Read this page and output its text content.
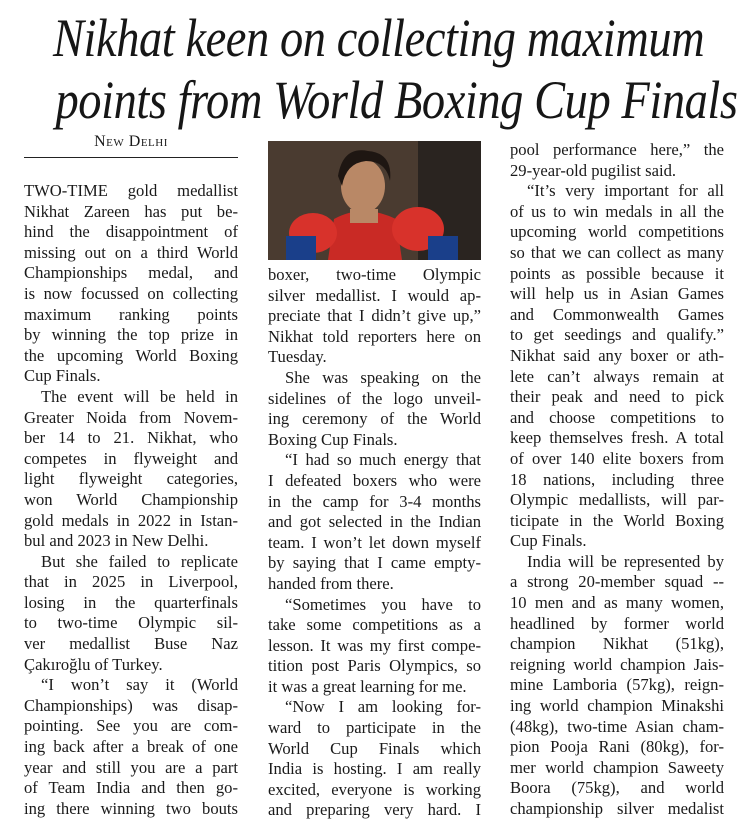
Nikhat keen on collecting maximum
points from World Boxing Cup Finals
New Delhi
TWO-TIME gold medallist
Nikhat Zareen has put be-
hind the disappointment of
missing out on a third World
Championships medal, and
is now focussed on collecting
maximum ranking points
by winning the top prize in
the upcoming World Boxing
Cup Finals.
The event will be held in
Greater Noida from Novem-
ber 14 to 21. Nikhat, who
competes in flyweight and
light flyweight categories,
won World Championship
gold medals in 2022 in Istan-
bul and 2023 in New Delhi.
But she failed to replicate
that in 2025 in Liverpool,
losing in the quarterfinals
to two-time Olympic sil-
ver medallist Buse Naz
Çakıroğlu of Turkey.
“I won’t say it (World
Championships) was disap-
pointing. See you are com-
ing back after a break of one
year and still you are a part
of Team India and then go-
ing there winning two bouts
boxer, two-time Olympic
silver medallist. I would ap-
preciate that I didn’t give up,”
Nikhat told reporters here on
Tuesday.
She was speaking on the
sidelines of the logo unveil-
ing ceremony of the World
Boxing Cup Finals.
“I had so much energy that
I defeated boxers who were
in the camp for 3-4 months
and got selected in the Indian
team. I won’t let down myself
by saying that I came empty-
handed from there.
“Sometimes you have to
take some competitions as a
lesson. It was my first compe-
tition post Paris Olympics, so
it was a great learning for me.
“Now I am looking for-
ward to participate in the
World Cup Finals which
India is hosting. I am really
excited, everyone is working
and preparing very hard. I
pool performance here,” the
29-year-old pugilist said.
“It’s very important for all
of us to win medals in all the
upcoming world competitions
so that we can collect as many
points as possible because it
will help us in Asian Games
and Commonwealth Games
to get seedings and qualify.”
Nikhat said any boxer or ath-
lete can’t always remain at
their peak and need to pick
and choose competitions to
keep themselves fresh. A total
of over 140 elite boxers from
18 nations, including three
Olympic medallists, will par-
ticipate in the World Boxing
Cup Finals.
India will be represented by
a strong 20-member squad --
10 men and as many women,
headlined by former world
champion Nikhat (51kg),
reigning world champion Jais-
mine Lamboria (57kg), reign-
ing world champion Minakshi
(48kg), two-time Asian cham-
pion Pooja Rani (80kg), for-
mer world champion Saweety
Boora (75kg), and world
championship silver medalist
